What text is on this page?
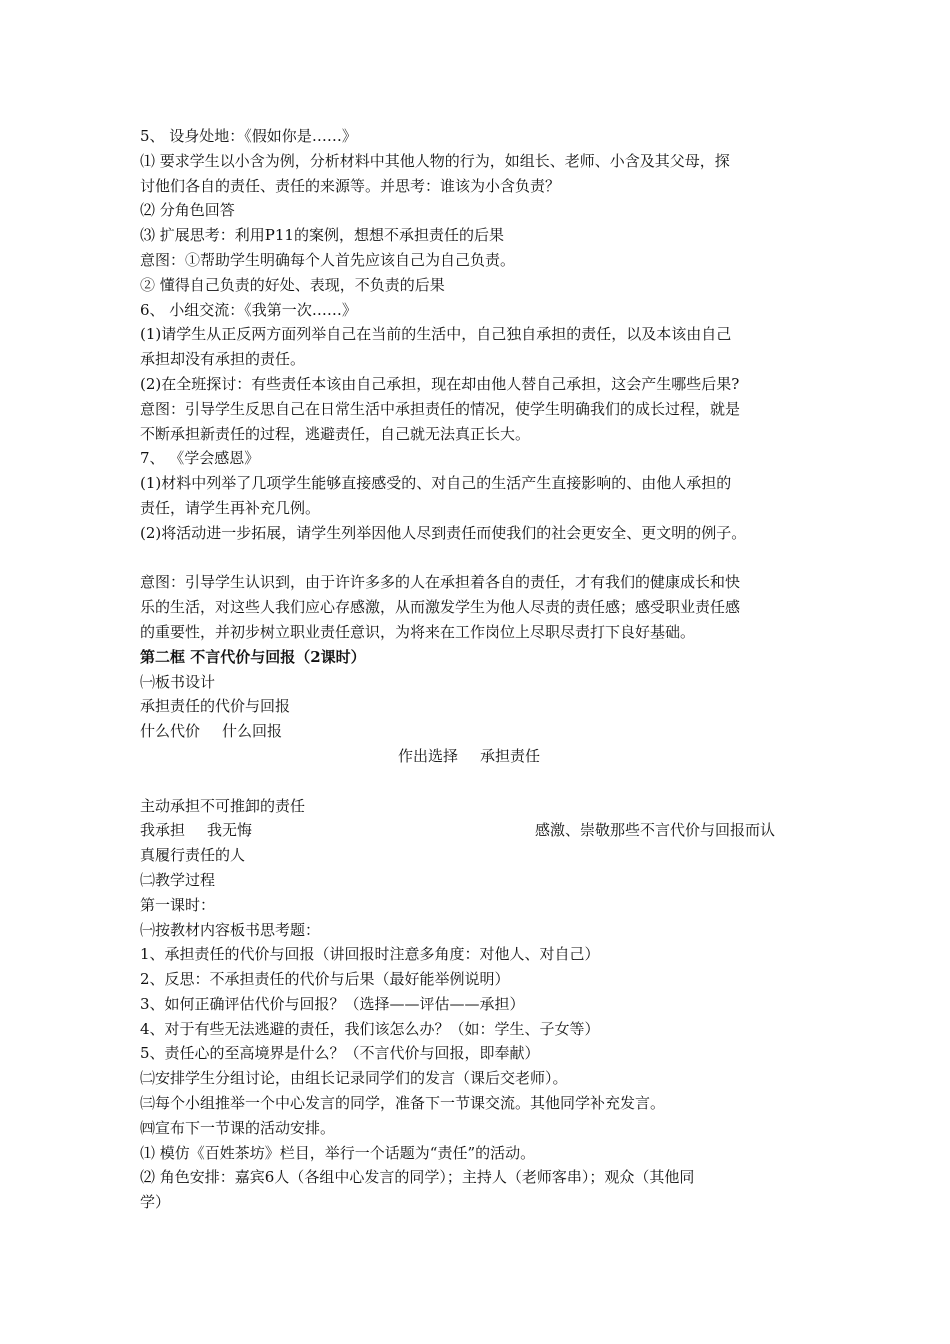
5、 设身处地：《假如你是……》
⑴ 要求学生以小含为例，分析材料中其他人物的行为，如组长、老师、小含及其父母，探
讨他们各自的责任、责任的来源等。并思考：谁该为小含负责？
⑵ 分角色回答
⑶ 扩展思考：利用P11的案例，想想不承担责任的后果
意图：①帮助学生明确每个人首先应该自己为自己负责。
② 懂得自己负责的好处、表现，不负责的后果
6、 小组交流：《我第一次……》
(1)请学生从正反两方面列举自己在当前的生活中，自己独自承担的责任，以及本该由自己
承担却没有承担的责任。
(2)在全班探讨：有些责任本该由自己承担，现在却由他人替自己承担，这会产生哪些后果?
意图：引导学生反思自己在日常生活中承担责任的情况，使学生明确我们的成长过程，就是
不断承担新责任的过程，逃避责任，自己就无法真正长大。
7、 《学会感恩》
(1)材料中列举了几项学生能够直接感受的、对自己的生活产生直接影响的、由他人承担的
责任，请学生再补充几例。
(2)将活动进一步拓展，请学生列举因他人尽到责任而使我们的社会更安全、更文明的例子。
意图：引导学生认识到，由于许许多多的人在承担着各自的责任，才有我们的健康成长和快
乐的生活，对这些人我们应心存感激，从而激发学生为他人尽责的责任感；感受职业责任感
的重要性，并初步树立职业责任意识，为将来在工作岗位上尽职尽责打下良好基础。
第二框 不言代价与回报（2课时）
㈠板书设计
承担责任的代价与回报
什么代价 什么回报
作出选择 承担责任
主动承担不可推卸的责任
我承担 我无悔	感激、崇敬那些不言代价与回报而认
真履行责任的人
㈡教学过程
第一课时：
㈠按教材内容板书思考题：
1、承担责任的代价与回报（讲回报时注意多角度：对他人、对自己）
2、反思：不承担责任的代价与后果（最好能举例说明）
3、如何正确评估代价与回报？（选择——评估——承担）
4、对于有些无法逃避的责任，我们该怎么办？（如：学生、子女等）
5、责任心的至高境界是什么？（不言代价与回报，即奉献）
㈡安排学生分组讨论，由组长记录同学们的发言（课后交老师）。
㈢每个小组推举一个中心发言的同学，准备下一节课交流。其他同学补充发言。
㈣宣布下一节课的活动安排。
⑴ 模仿《百姓茶坊》栏目，举行一个话题为“责任”的活动。
⑵ 角色安排：嘉宾6人（各组中心发言的同学）；主持人（老师客串）；观众（其他同
学）
